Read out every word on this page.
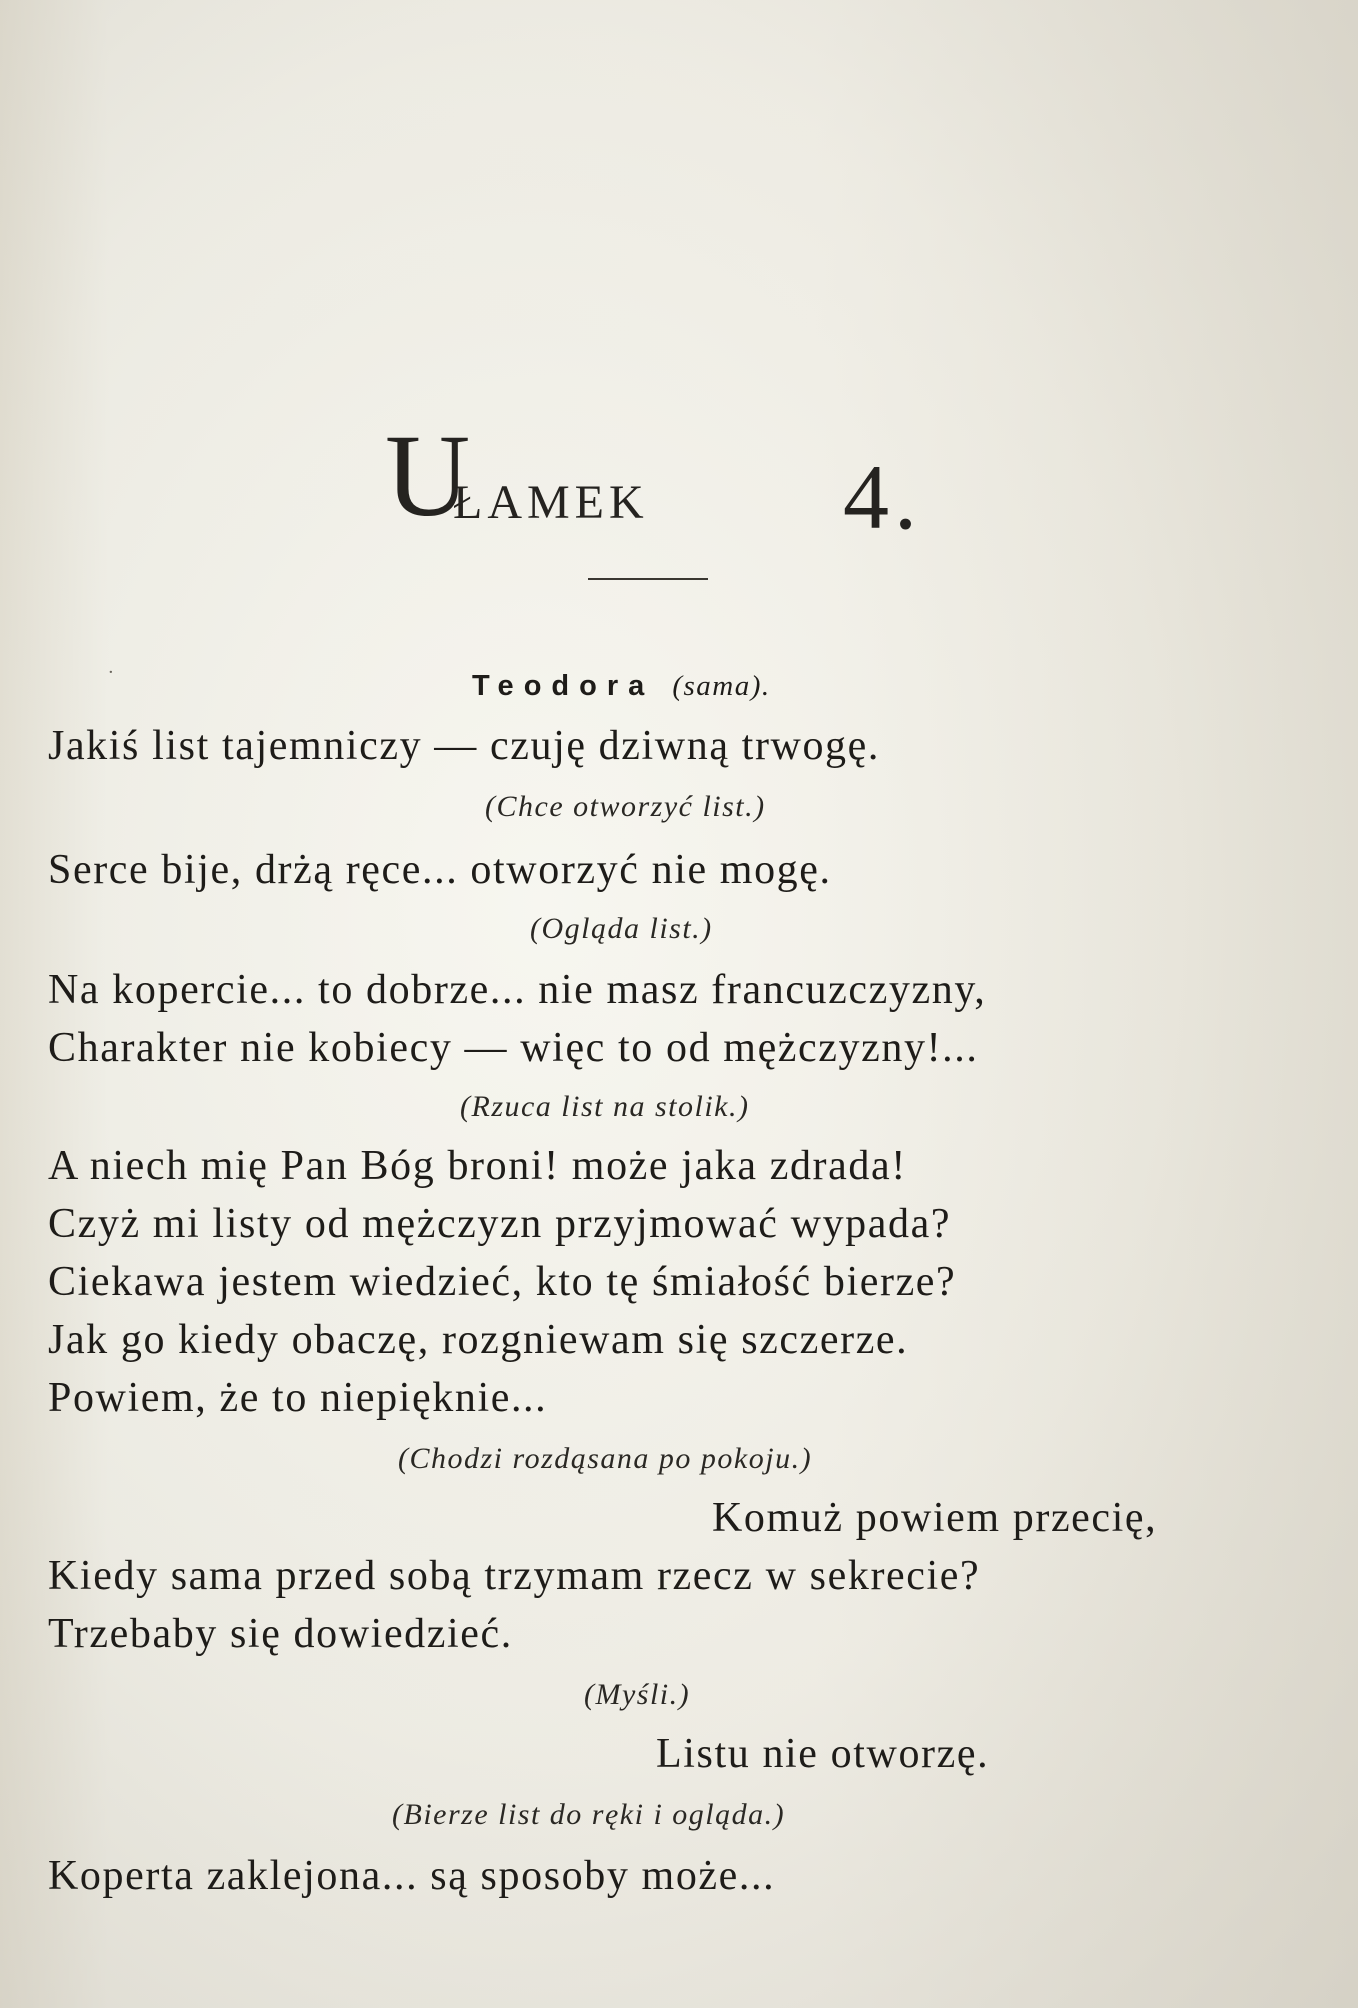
U
łamek 4.
·	Teodora (sama).
Jakiś list tajemniczy — czuję dziwną trwogę.
(Chce otworzyć list.)
Serce bije, drżą ręce... otworzyć nie mogę.
(Ogląda list.)
Na kopercie... to dobrze... nie masz francuzczyzny,
Charakter nie kobiecy — więc to od mężczyzny!...
(Rzuca list na stolik.)
A niech mię Pan Bóg broni! może jaka zdrada!
Czyż mi listy od mężczyzn przyjmować wypada?
Ciekawa jestem wiedzieć, kto tę śmiałość bierze?
Jak go kiedy obaczę, rozgniewam się szczerze.
Powiem, że to niepięknie...
(Chodzi rozdąsana po pokoju.)
Komuż powiem przecię,
Kiedy sama przed sobą trzymam rzecz w sekrecie?
Trzebaby się dowiedzieć.
(Myśli.)
Listu nie otworzę.
(Bierze list do ręki i ogląda.)
Koperta zaklejona... są sposoby może...
